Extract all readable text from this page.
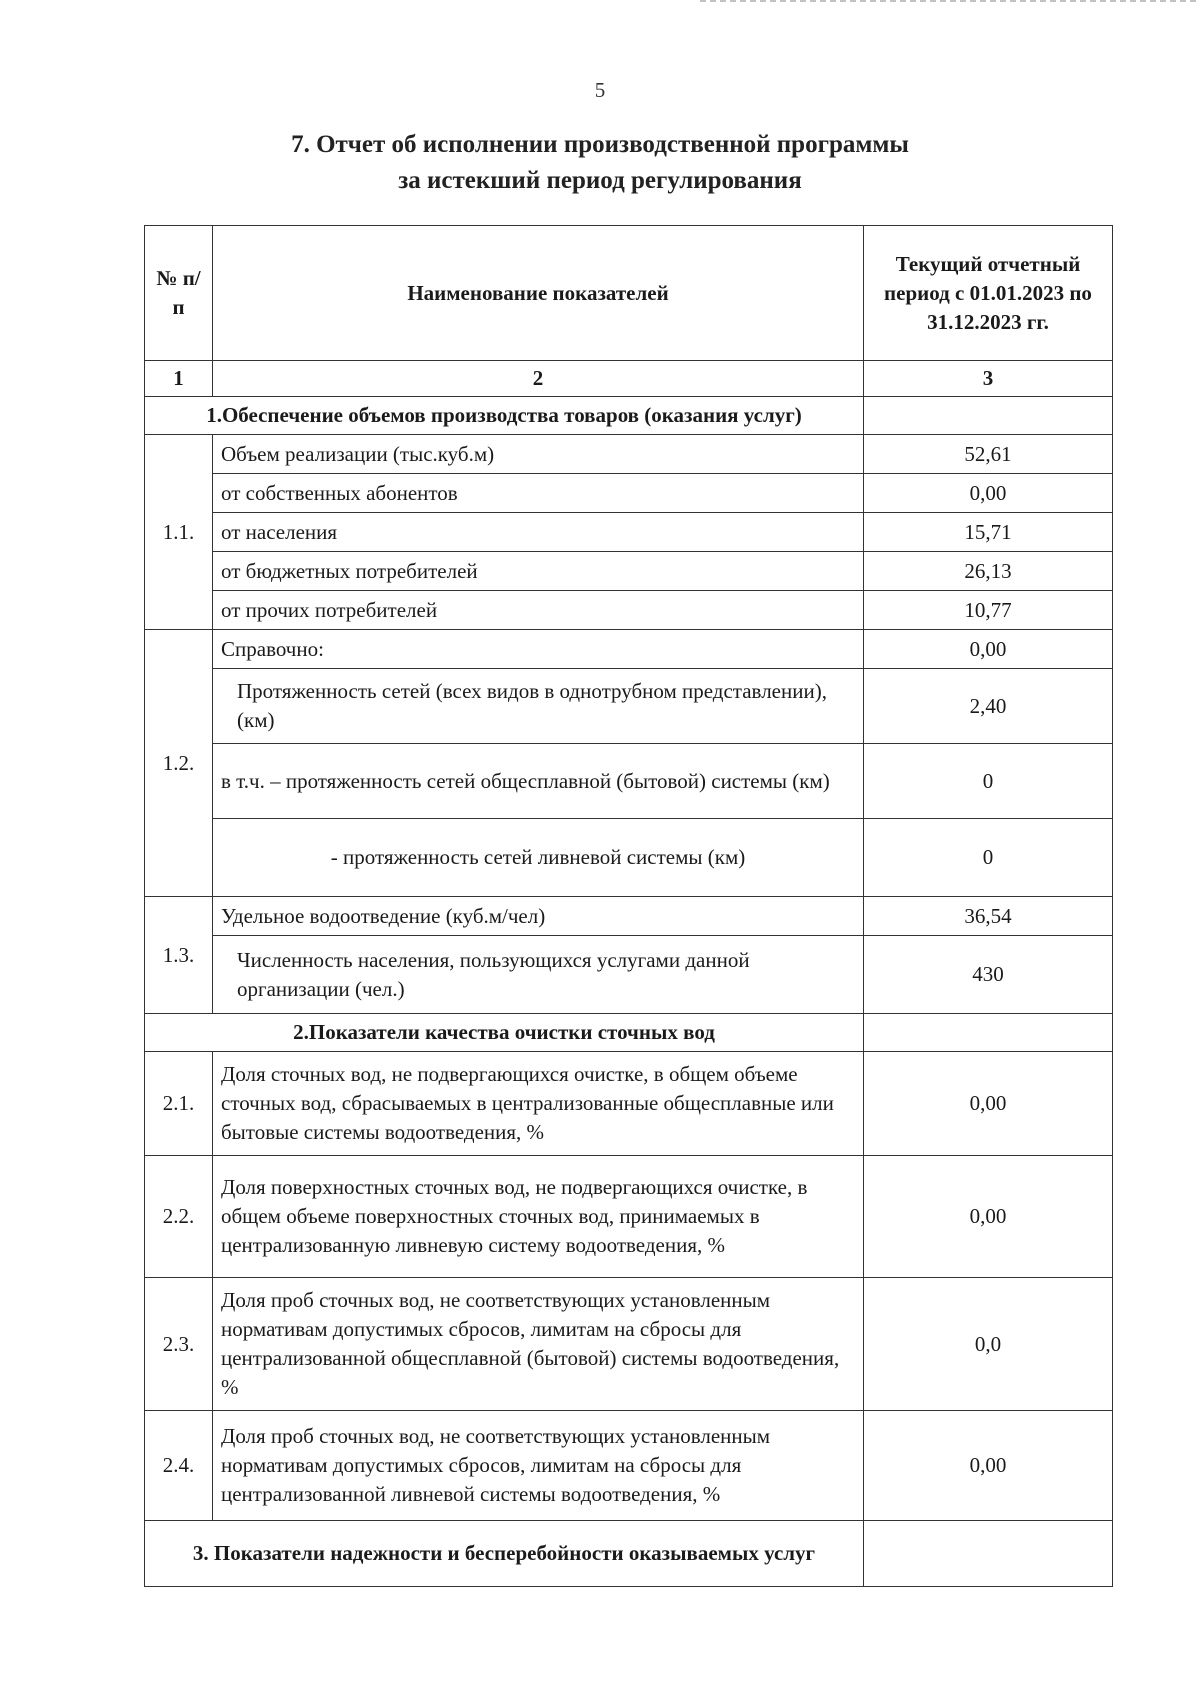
5
7. Отчет об исполнении производственной программы
за истекший период регулирования
№ п/п	Наименование показателей	Текущий отчетный период с 01.01.2023 по 31.12.2023 гг.
1	2	3
1.Обеспечение объемов производства товаров (оказания услуг)		
1.1.	Объем реализации (тыс.куб.м)	52,61
	от собственных абонентов	0,00
	от населения	15,71
	от бюджетных потребителей	26,13
	от прочих потребителей	10,77
1.2.	Справочно:	0,00
	Протяженность сетей (всех видов в однотрубном представлении), (км)	2,40
	в т.ч. – протяженность сетей общесплавной (бытовой) системы (км)	0
	- протяженность сетей ливневой системы (км)	0
1.3.	Удельное водоотведение (куб.м/чел)	36,54
	Численность населения, пользующихся услугами данной организации (чел.)	430
2.Показатели качества очистки сточных вод		
2.1.	Доля сточных вод, не подвергающихся очистке, в общем объеме сточных вод, сбрасываемых в централизованные общесплавные или бытовые системы водоотведения, %	0,00
2.2.	Доля поверхностных сточных вод, не подвергающихся очистке, в общем объеме поверхностных сточных вод, принимаемых в централизованную ливневую систему водоотведения, %	0,00
2.3.	Доля проб сточных вод, не соответствующих установленным нормативам допустимых сбросов, лимитам на сбросы для централизованной общесплавной (бытовой) системы водоотведения, %	0,0
2.4.	Доля проб сточных вод, не соответствующих установленным нормативам допустимых сбросов, лимитам на сбросы для централизованной ливневой системы водоотведения, %	0,00
3. Показатели надежности и бесперебойности оказываемых услуг		
